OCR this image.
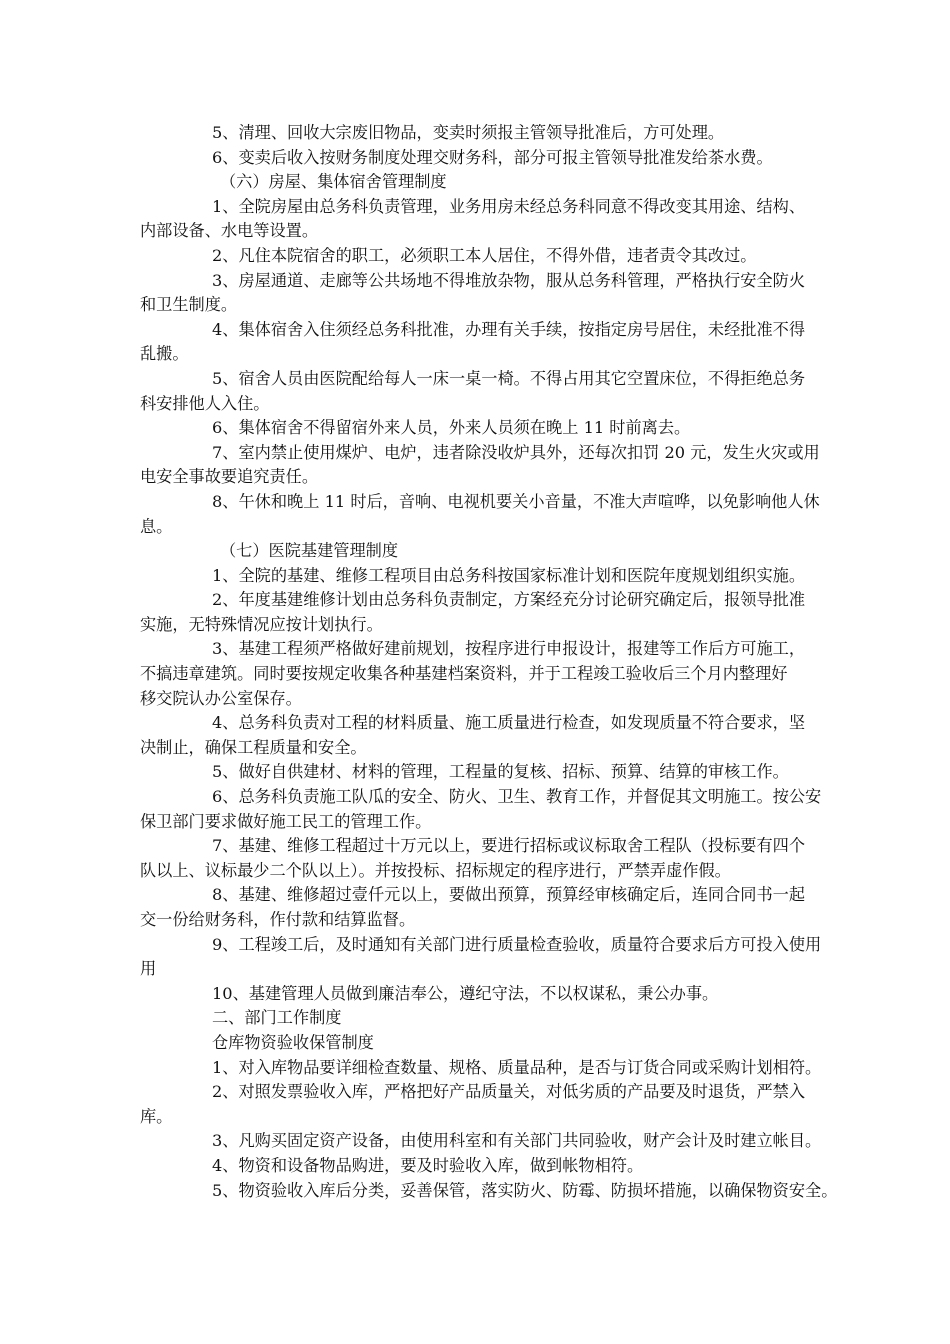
5、清理、回收大宗废旧物品，变卖时须报主管领导批准后，方可处理。

6、变卖后收入按财务制度处理交财务科，部分可报主管领导批准发给茶水费。

（六）房屋、集体宿舍管理制度

1、全院房屋由总务科负责管理，业务用房未经总务科同意不得改变其用途、结构、

内部设备、水电等设置。

2、凡住本院宿舍的职工，必须职工本人居住，不得外借，违者责令其改过。

3、房屋通道、走廊等公共场地不得堆放杂物，服从总务科管理，严格执行安全防火

和卫生制度。

4、集体宿舍入住须经总务科批准，办理有关手续，按指定房号居住，未经批准不得

乱搬。

5、宿舍人员由医院配给每人一床一桌一椅。不得占用其它空置床位，不得拒绝总务

科安排他人入住。

6、集体宿舍不得留宿外来人员，外来人员须在晚上 11 时前离去。

7、室内禁止使用煤炉、电炉，违者除没收炉具外，还每次扣罚 20 元，发生火灾或用

电安全事故要追究责任。

8、午休和晚上 11 时后，音响、电视机要关小音量，不准大声喧哗，以免影响他人休

息。

（七）医院基建管理制度

1、全院的基建、维修工程项目由总务科按国家标准计划和医院年度规划组织实施。

2、年度基建维修计划由总务科负责制定，方案经充分讨论研究确定后，报领导批准

实施，无特殊情况应按计划执行。

3、基建工程须严格做好建前规划，按程序进行申报设计，报建等工作后方可施工，

不搞违章建筑。同时要按规定收集各种基建档案资料，并于工程竣工验收后三个月内整理好

移交院认办公室保存。

4、总务科负责对工程的材料质量、施工质量进行检查，如发现质量不符合要求，坚

决制止，确保工程质量和安全。

5、做好自供建材、材料的管理，工程量的复核、招标、预算、结算的审核工作。

6、总务科负责施工队瓜的安全、防火、卫生、教育工作，并督促其文明施工。按公安

保卫部门要求做好施工民工的管理工作。

7、基建、维修工程超过十万元以上，要进行招标或议标取舍工程队（投标要有四个

队以上、议标最少二个队以上）。并按投标、招标规定的程序进行，严禁弄虚作假。

8、基建、维修超过壹仟元以上，要做出预算，预算经审核确定后，连同合同书一起

交一份给财务科，作付款和结算监督。

9、工程竣工后，及时通知有关部门进行质量检查验收，质量符合要求后方可投入使用

用

10、基建管理人员做到廉洁奉公，遵纪守法，不以权谋私，秉公办事。

二、部门工作制度

仓库物资验收保管制度

1、对入库物品要详细检查数量、规格、质量品种，是否与订货合同或采购计划相符。

2、对照发票验收入库，严格把好产品质量关，对低劣质的产品要及时退货，严禁入

库。

3、凡购买固定资产设备，由使用科室和有关部门共同验收，财产会计及时建立帐目。

4、物资和设备物品购进，要及时验收入库，做到帐物相符。

5、物资验收入库后分类，妥善保管，落实防火、防霉、防损坏措施，以确保物资安全。
